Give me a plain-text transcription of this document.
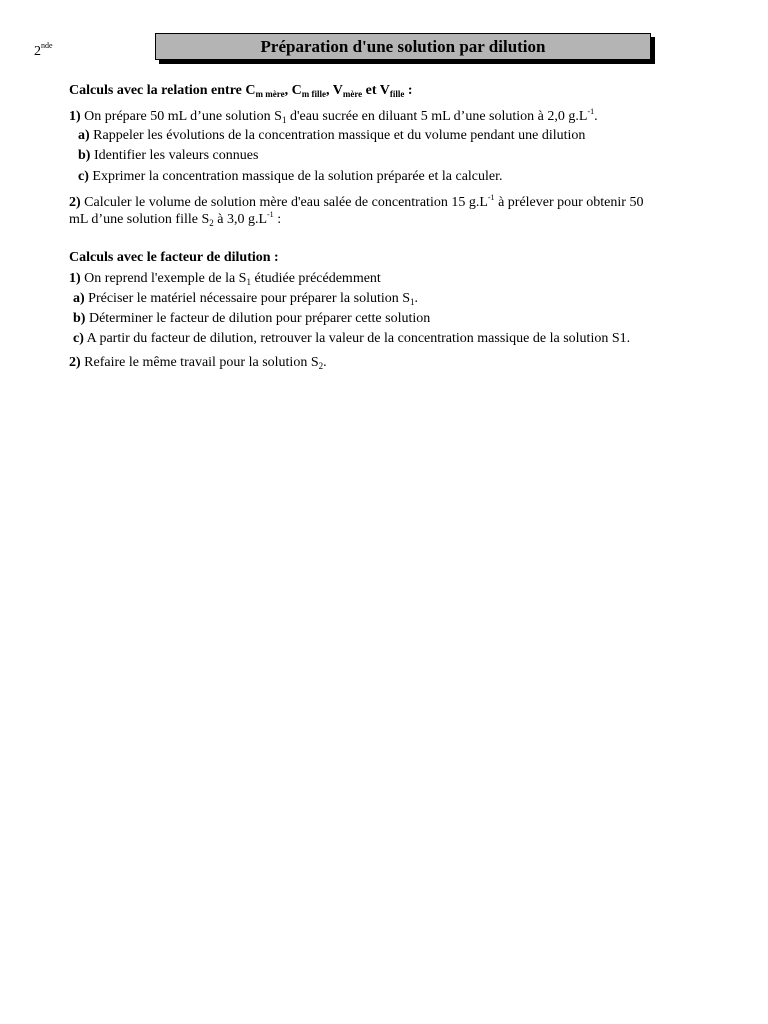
2nde	Préparation d'une solution par dilution
Calculs avec la relation entre $C_{m mère}$, $C_{m fille}$, $V_{mère}$ et $V_{fille}$ :
1) On prépare 50 mL d’une solution $S_1$ d'eau sucrée en diluant 5 mL d’une solution à 2,0 $g.L^{-1}$.
a) Rappeler les évolutions de la concentration massique et du volume pendant une dilution
b) Identifier les valeurs connues
c) Exprimer la concentration massique de la solution préparée et la calculer.
2) Calculer le volume de solution mère d'eau salée de concentration 15 $g.L^{-1}$ à prélever pour obtenir 50
mL d’une solution fille $S_2$ à 3,0 $g.L^{-1}$ :
Calculs avec le facteur de dilution :
1) On reprend l'exemple de la $S_1$ étudiée précédemment
a) Préciser le matériel nécessaire pour préparer la solution $S_1$.
b) Déterminer le facteur de dilution pour préparer cette solution
c) A partir du facteur de dilution, retrouver la valeur de la concentration massique de la solution S1.
2) Refaire le même travail pour la solution $S_2$.
